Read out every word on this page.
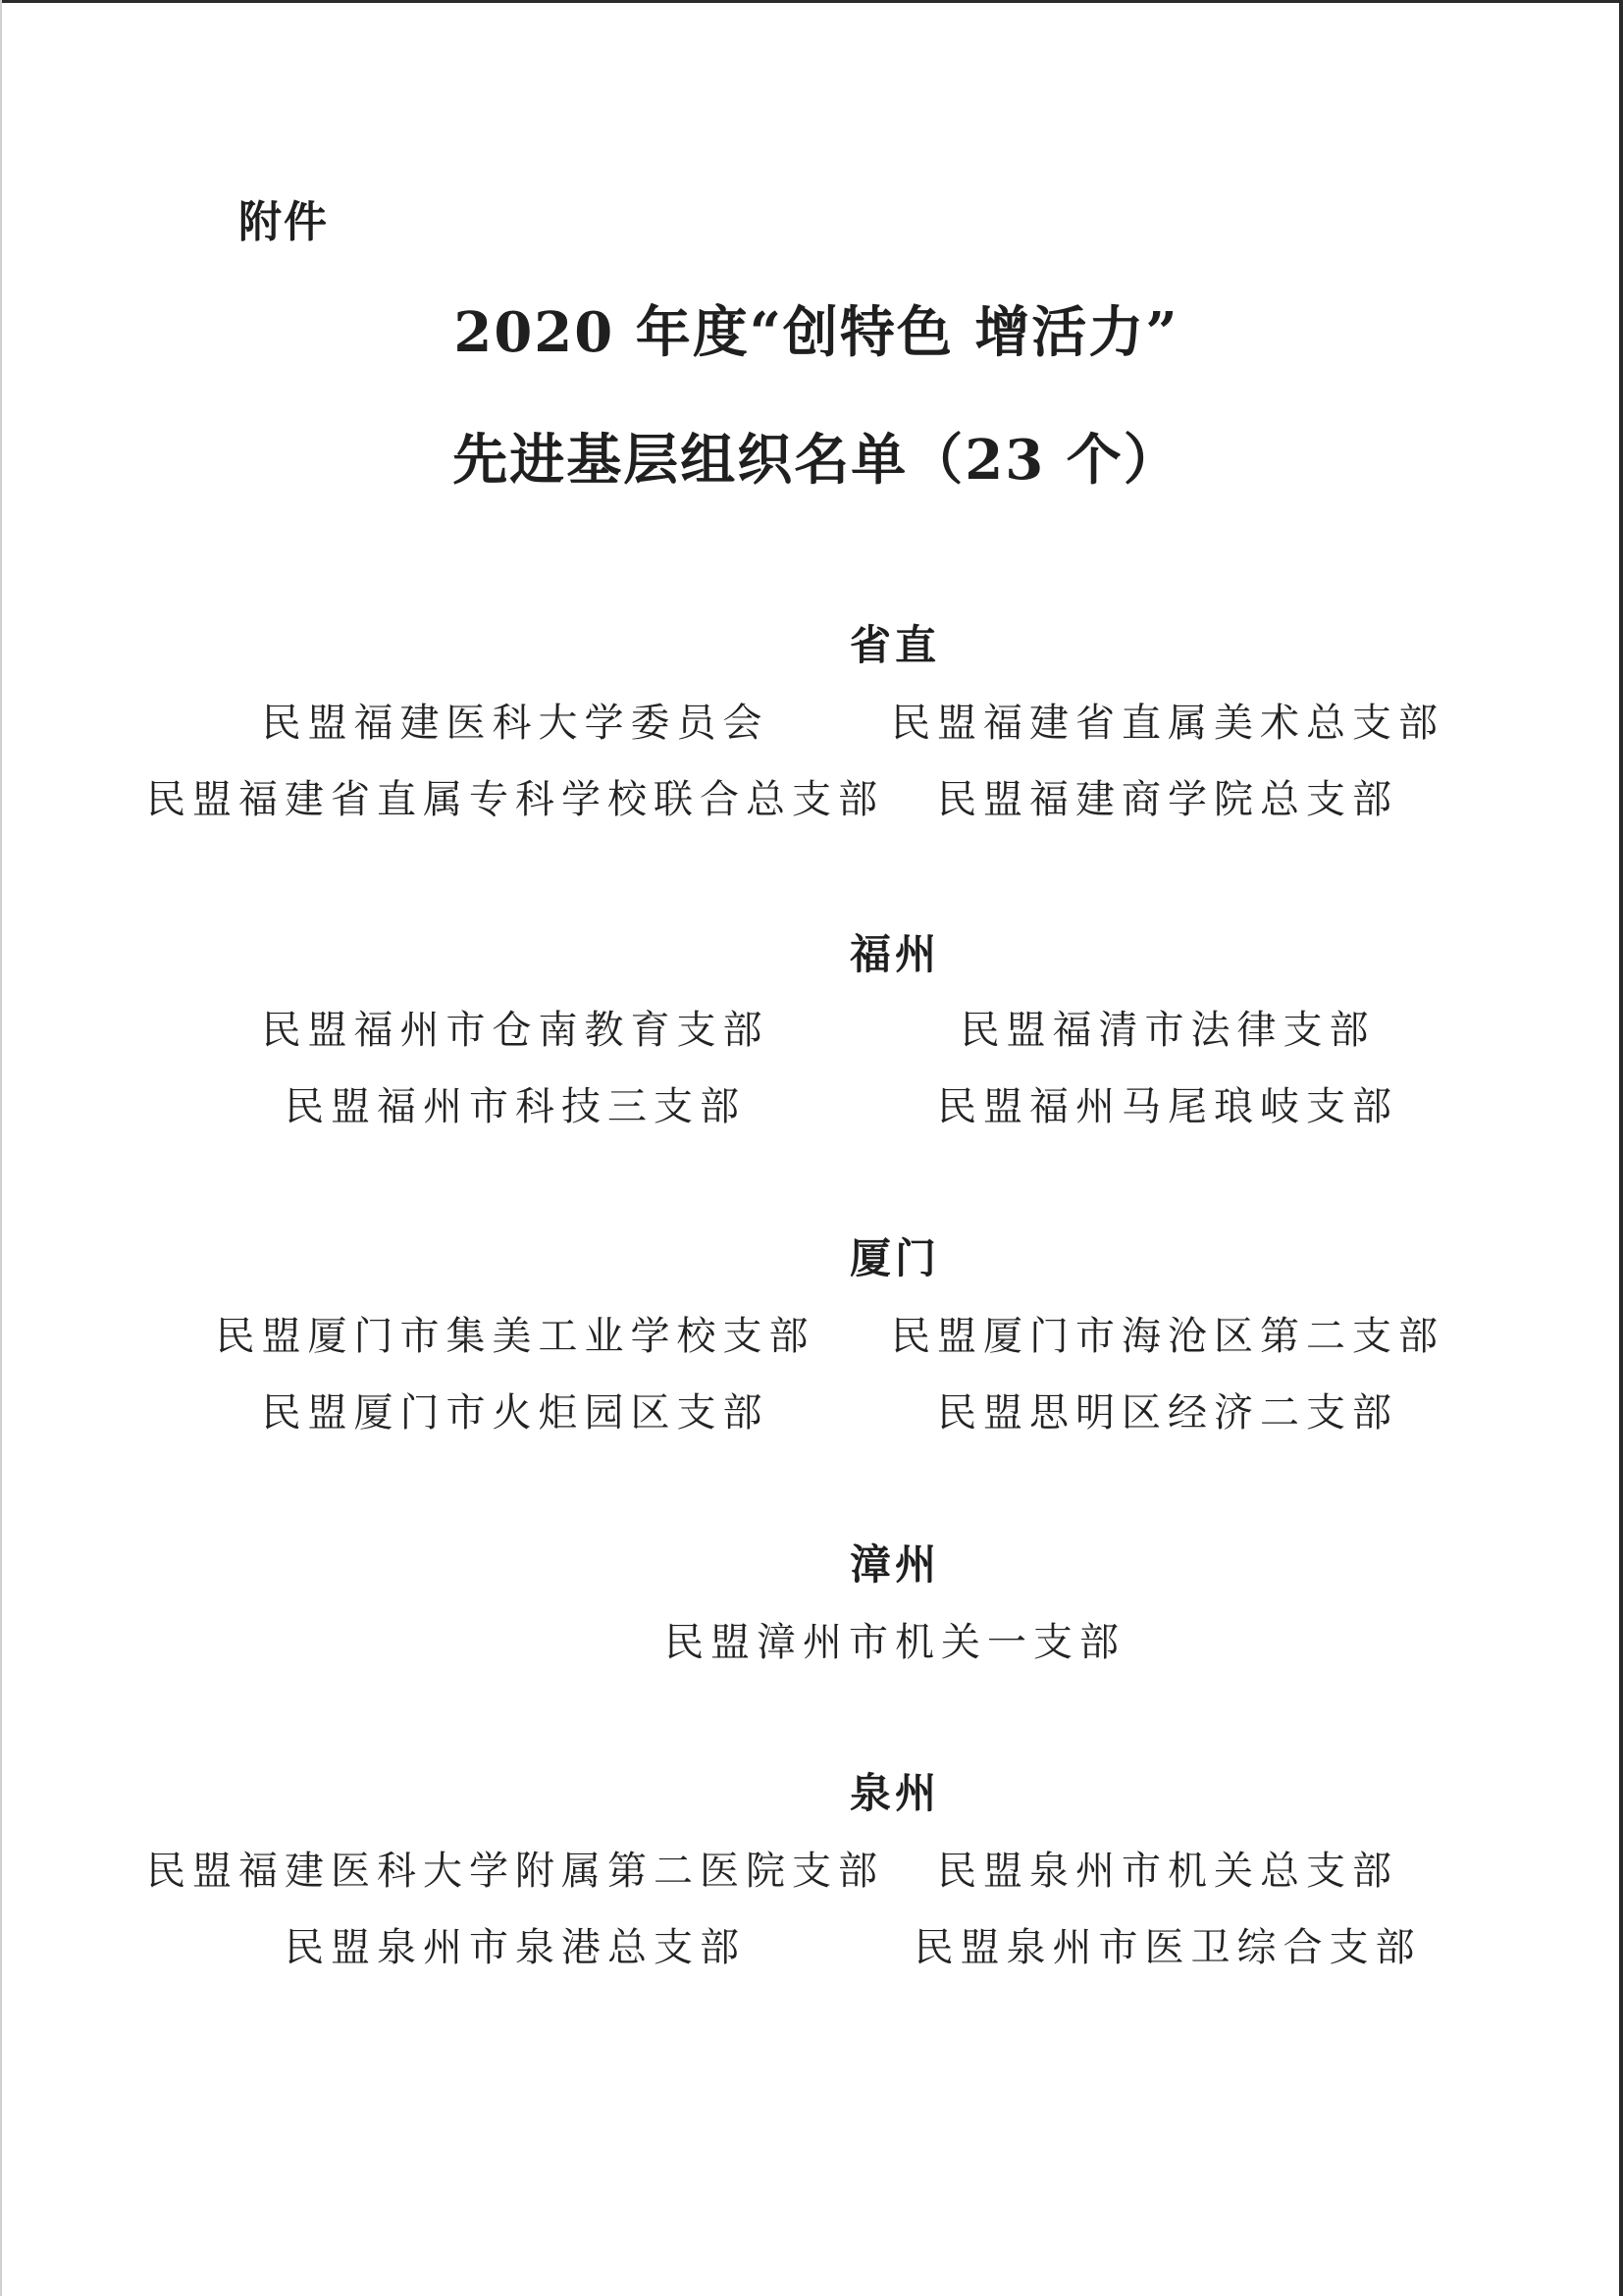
附件
2020 年度“创特色 增活力”
先进基层组织名单（23 个）
省直
民盟福建医科大学委员会	民盟福建省直属美术总支部
民盟福建省直属专科学校联合总支部	民盟福建商学院总支部
福州
民盟福州市仓南教育支部	民盟福清市法律支部
民盟福州市科技三支部	民盟福州马尾琅岐支部
厦门
民盟厦门市集美工业学校支部	民盟厦门市海沧区第二支部
民盟厦门市火炬园区支部	民盟思明区经济二支部
漳州
民盟漳州市机关一支部
泉州
民盟福建医科大学附属第二医院支部	民盟泉州市机关总支部
民盟泉州市泉港总支部	民盟泉州市医卫综合支部
